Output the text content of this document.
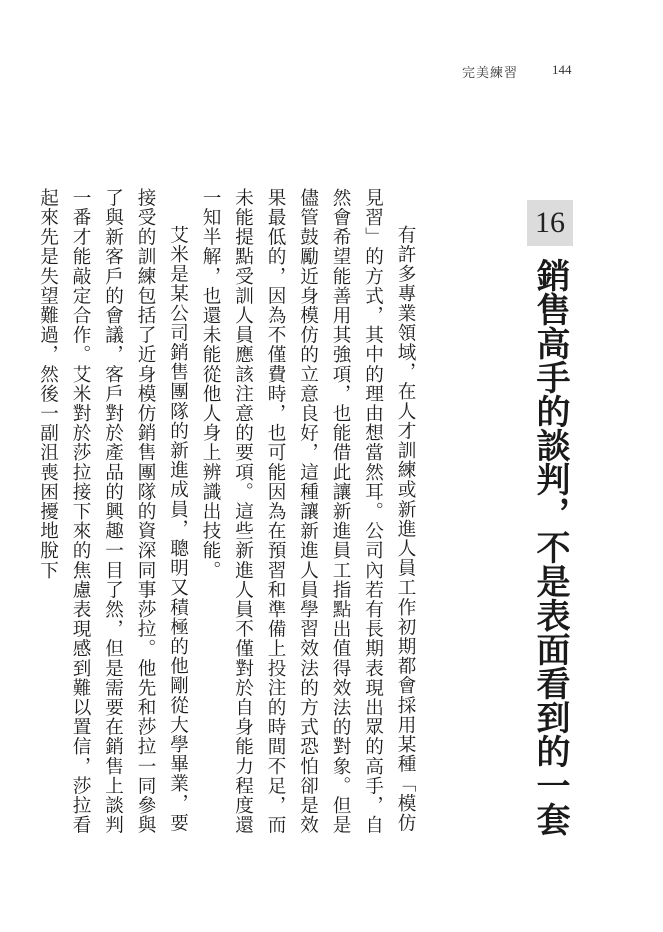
完美練習	144
16
銷售高手的談判，不是表面看到的一套

有許多專業領域，在人才訓練或新進人員工作初期都會採用某種「模仿見習」的方式，其中的理由想當然耳。公司內若有長期表現出眾的高手，自然會希望能善用其強項，也能借此讓新進員工指點出值得效法的對象。但是儘管鼓勵近身模仿的立意良好，這種讓新進人員學習效法的方式恐怕卻是效果最低的，因為不僅費時，也可能因為在預習和準備上投注的時間不足，而未能提點受訓人員應該注意的要項。這些新進人員不僅對於自身能力程度還一知半解，也還未能從他人身上辨識出技能。

艾米是某公司銷售團隊的新進成員，聰明又積極的他剛從大學畢業，要接受的訓練包括了近身模仿銷售團隊的資深同事莎拉。他先和莎拉一同參與了與新客戶的會議，客戶對於產品的興趣一目了然，但是需要在銷售上談判一番才能敲定合作。艾米對於莎拉接下來的焦慮表現感到難以置信，莎拉看起來先是失望難過，然後一副沮喪困擾地脫下
